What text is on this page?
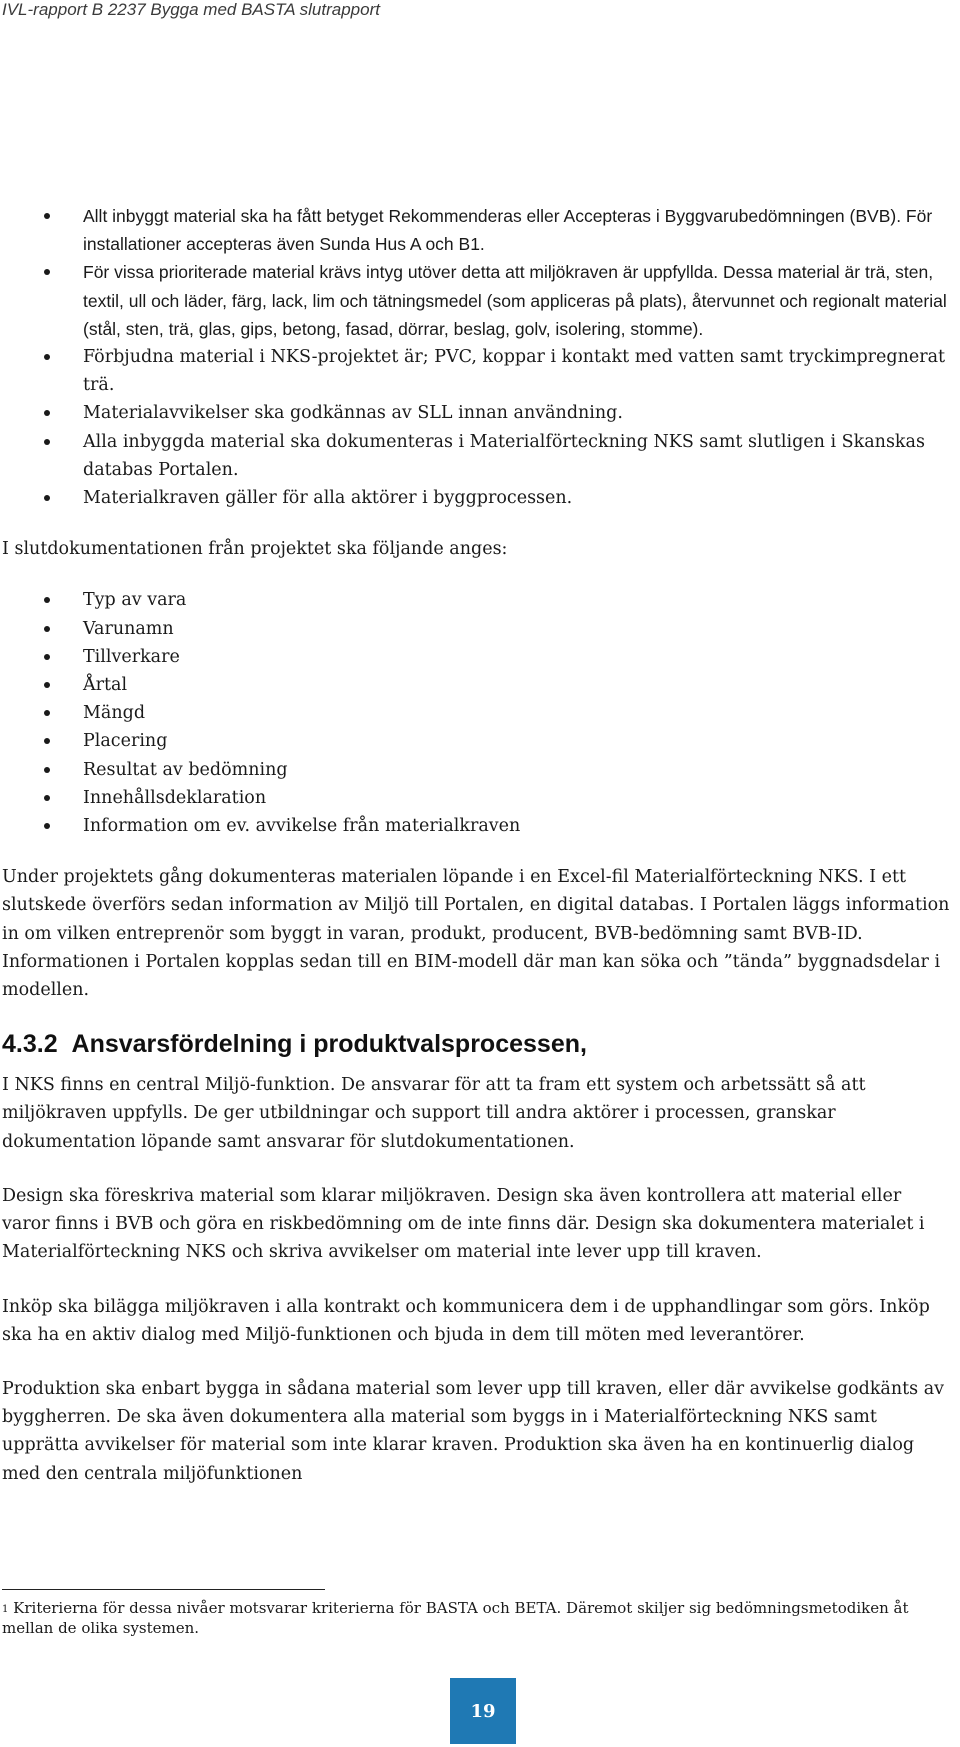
IVL-rapport B 2237 Bygga med BASTA slutrapport
Allt inbyggt material ska ha fått betyget Rekommenderas eller Accepteras i Byggvarubedömningen (BVB). För installationer accepteras även Sunda Hus A och B1.
För vissa prioriterade material krävs intyg utöver detta att miljökraven är uppfyllda. Dessa material är trä, sten, textil, ull och läder, färg, lack, lim och tätningsmedel (som appliceras på plats), återvunnet och regionalt material (stål, sten, trä, glas, gips, betong, fasad, dörrar, beslag, golv, isolering, stomme).
Förbjudna material i NKS-projektet är; PVC, koppar i kontakt med vatten samt tryckimpregnerat trä.
Materialavvikelser ska godkännas av SLL innan användning.
Alla inbyggda material ska dokumenteras i Materialförteckning NKS samt slutligen i Skanskas databas Portalen.
Materialkraven gäller för alla aktörer i byggprocessen.

I slutdokumentationen från projektet ska följande anges:

Typ av vara
Varunamn
Tillverkare
Årtal
Mängd
Placering
Resultat av bedömning
Innehållsdeklaration
Information om ev. avvikelse från materialkraven

Under projektets gång dokumenteras materialen löpande i en Excel-fil Materialförteckning NKS. I ett slutskede överförs sedan information av Miljö till Portalen, en digital databas. I Portalen läggs information in om vilken entreprenör som byggt in varan, produkt, producent, BVB-bedömning samt BVB-ID. Informationen i Portalen kopplas sedan till en BIM-modell där man kan söka och ”tända” byggnadsdelar i modellen.

4.3.2 Ansvarsfördelning i produktvalsprocessen,

I NKS finns en central Miljö-funktion. De ansvarar för att ta fram ett system och arbetssätt så att miljökraven uppfylls. De ger utbildningar och support till andra aktörer i processen, granskar dokumentation löpande samt ansvarar för slutdokumentationen.

Design ska föreskriva material som klarar miljökraven. Design ska även kontrollera att material eller varor finns i BVB och göra en riskbedömning om de inte finns där. Design ska dokumentera materialet i Materialförteckning NKS och skriva avvikelser om material inte lever upp till kraven.

Inköp ska bilägga miljökraven i alla kontrakt och kommunicera dem i de upphandlingar som görs. Inköp ska ha en aktiv dialog med Miljö-funktionen och bjuda in dem till möten med leverantörer.

Produktion ska enbart bygga in sådana material som lever upp till kraven, eller där avvikelse godkänts av byggherren. De ska även dokumentera alla material som byggs in i Materialförteckning NKS samt upprätta avvikelser för material som inte klarar kraven. Produktion ska även ha en kontinuerlig dialog med den centrala miljöfunktionen

$^1$ Kriterierna för dessa nivåer motsvarar kriterierna för BASTA och BETA. Däremot skiljer sig bedömningsmetodiken åt mellan de olika systemen.
19
